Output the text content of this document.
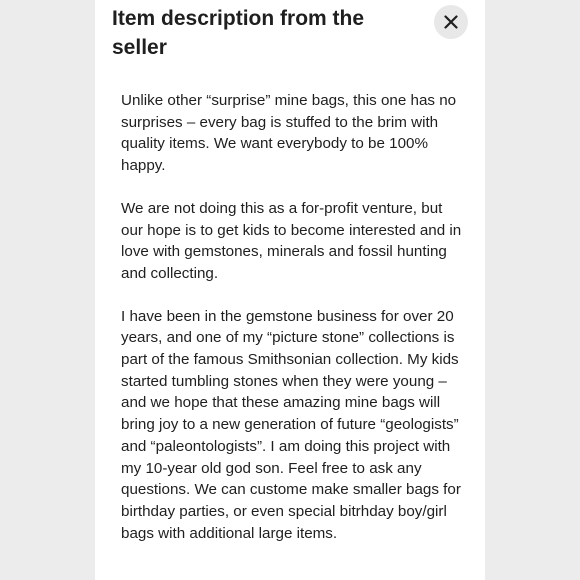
Item description from the seller

Unlike other “surprise” mine bags, this one has no surprises – every bag is stuffed to the brim with quality items. We want everybody to be 100% happy.

We are not doing this as a for-profit venture, but our hope is to get kids to become interested and in love with gemstones, minerals and fossil hunting and collecting.

I have been in the gemstone business for over 20 years, and one of my “picture stone” collections is part of the famous Smithsonian collection. My kids started tumbling stones when they were young – and we hope that these amazing mine bags will bring joy to a new generation of future “geologists” and “paleontologists”. I am doing this project with my 10-year old god son. Feel free to ask any questions. We can custome make smaller bags for birthday parties, or even special bitrhday boy/girl bags with additional large items.
